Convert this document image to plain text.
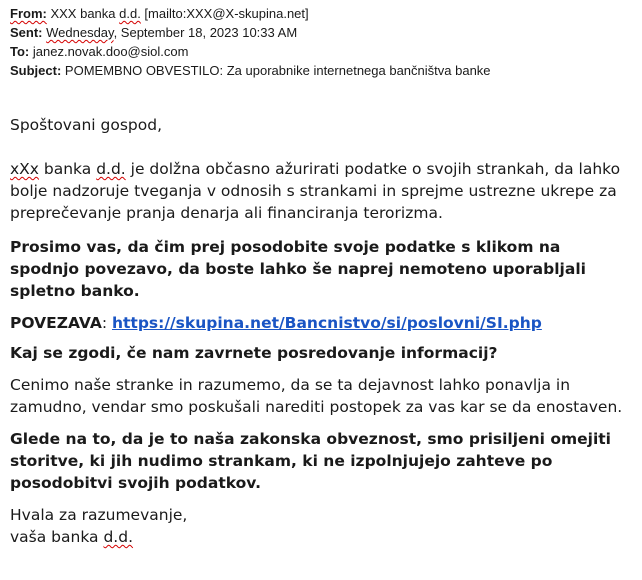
From: XXX banka d.d. [mailto:XXX@X-skupina.net]
Sent: Wednesday, September 18, 2023 10:33 AM
To: janez.novak.doo@siol.com
Subject: POMEMBNO OBVESTILO: Za uporabnike internetnega bančništva banke

Spoštovani gospod,

xXx banka d.d. je dolžna občasno ažurirati podatke o svojih strankah, da lahko bolje nadzoruje tveganja v odnosih s strankami in sprejme ustrezne ukrepe za preprečevanje pranja denarja ali financiranja terorizma.

Prosimo vas, da čim prej posodobite svoje podatke s klikom na spodnjo povezavo, da boste lahko še naprej nemoteno uporabljali spletno banko.

POVEZAVA: https://skupina.net/Bancnistvo/si/poslovni/SI.php

Kaj se zgodi, če nam zavrnete posredovanje informacij?

Cenimo naše stranke in razumemo, da se ta dejavnost lahko ponavlja in zamudno, vendar smo poskušali narediti postopek za vas kar se da enostaven.

Glede na to, da je to naša zakonska obveznost, smo prisiljeni omejiti storitve, ki jih nudimo strankam, ki ne izpolnjujejo zahteve po posodobitvi svojih podatkov.

Hvala za razumevanje,

vaša banka d.d.
